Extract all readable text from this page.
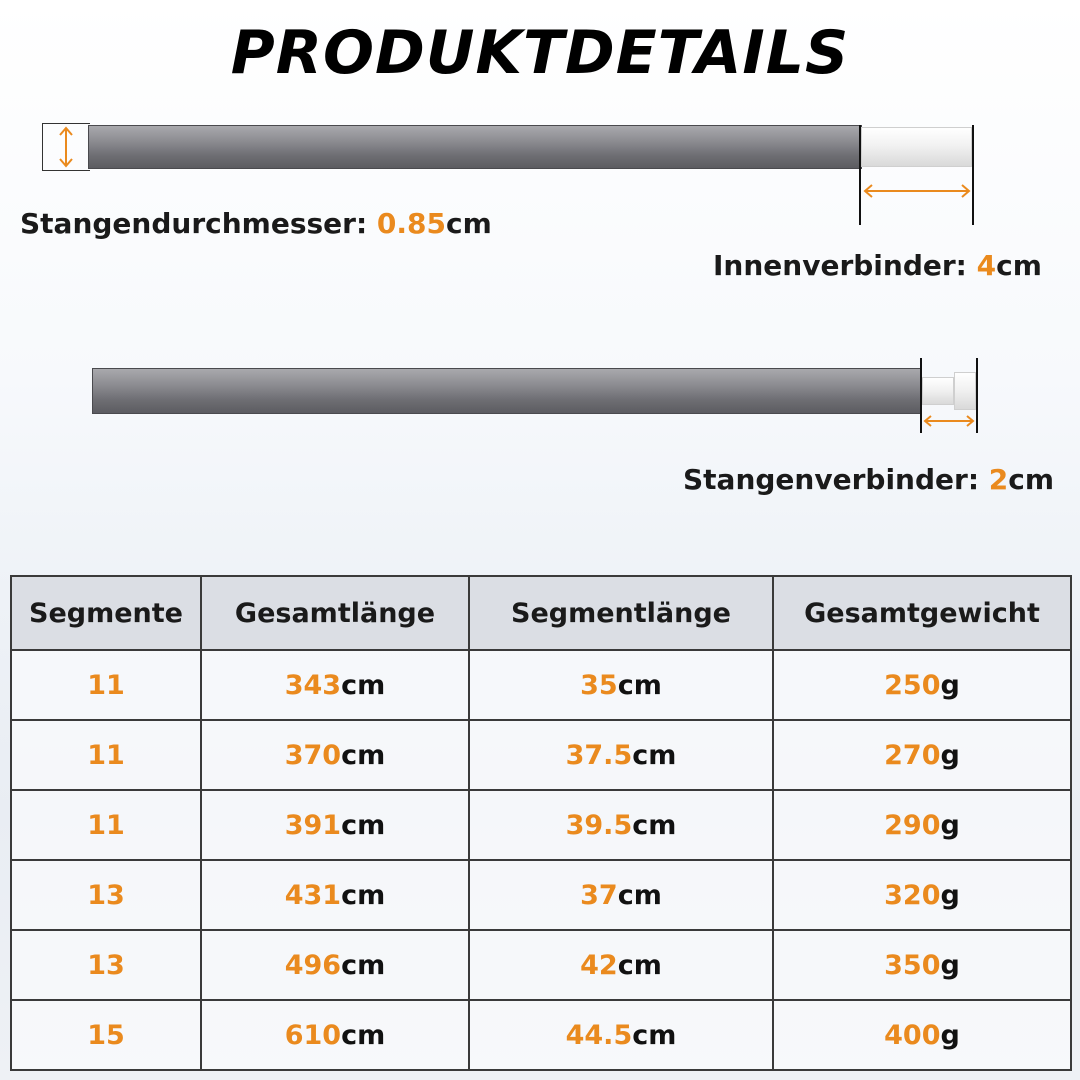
PRODUKTDETAILS
Stangendurchmesser: 0.85cm
Innenverbinder: 4cm
Stangenverbinder: 2cm
Segmente	Gesamtlänge	Segmentlänge	Gesamtgewicht
11	343cm	35cm	250g
11	370cm	37.5cm	270g
11	391cm	39.5cm	290g
13	431cm	37cm	320g
13	496cm	42cm	350g
15	610cm	44.5cm	400g
